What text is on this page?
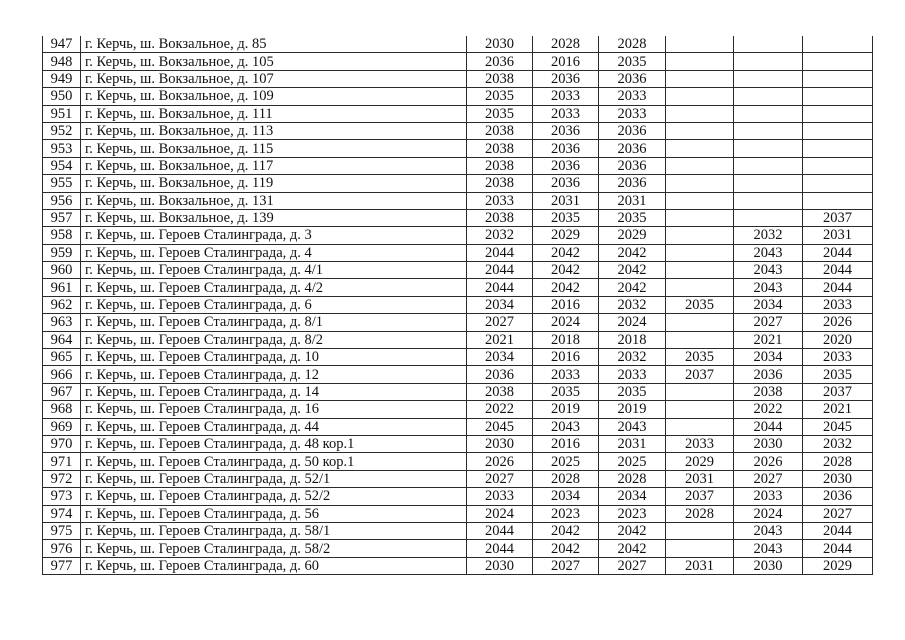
947	г. Керчь, ш. Вокзальное, д. 85	2030	2028	2028			
948	г. Керчь, ш. Вокзальное, д. 105	2036	2016	2035			
949	г. Керчь, ш. Вокзальное, д. 107	2038	2036	2036			
950	г. Керчь, ш. Вокзальное, д. 109	2035	2033	2033			
951	г. Керчь, ш. Вокзальное, д. 111	2035	2033	2033			
952	г. Керчь, ш. Вокзальное, д. 113	2038	2036	2036			
953	г. Керчь, ш. Вокзальное, д. 115	2038	2036	2036			
954	г. Керчь, ш. Вокзальное, д. 117	2038	2036	2036			
955	г. Керчь, ш. Вокзальное, д. 119	2038	2036	2036			
956	г. Керчь, ш. Вокзальное, д. 131	2033	2031	2031			
957	г. Керчь, ш. Вокзальное, д. 139	2038	2035	2035			2037
958	г. Керчь, ш. Героев Сталинграда, д. 3	2032	2029	2029		2032	2031
959	г. Керчь, ш. Героев Сталинграда, д. 4	2044	2042	2042		2043	2044
960	г. Керчь, ш. Героев Сталинграда, д. 4/1	2044	2042	2042		2043	2044
961	г. Керчь, ш. Героев Сталинграда, д. 4/2	2044	2042	2042		2043	2044
962	г. Керчь, ш. Героев Сталинграда, д. 6	2034	2016	2032	2035	2034	2033
963	г. Керчь, ш. Героев Сталинграда, д. 8/1	2027	2024	2024		2027	2026
964	г. Керчь, ш. Героев Сталинграда, д. 8/2	2021	2018	2018		2021	2020
965	г. Керчь, ш. Героев Сталинграда, д. 10	2034	2016	2032	2035	2034	2033
966	г. Керчь, ш. Героев Сталинграда, д. 12	2036	2033	2033	2037	2036	2035
967	г. Керчь, ш. Героев Сталинграда, д. 14	2038	2035	2035		2038	2037
968	г. Керчь, ш. Героев Сталинграда, д. 16	2022	2019	2019		2022	2021
969	г. Керчь, ш. Героев Сталинграда, д. 44	2045	2043	2043		2044	2045
970	г. Керчь, ш. Героев Сталинграда, д. 48 кор.1	2030	2016	2031	2033	2030	2032
971	г. Керчь, ш. Героев Сталинграда, д. 50 кор.1	2026	2025	2025	2029	2026	2028
972	г. Керчь, ш. Героев Сталинграда, д. 52/1	2027	2028	2028	2031	2027	2030
973	г. Керчь, ш. Героев Сталинграда, д. 52/2	2033	2034	2034	2037	2033	2036
974	г. Керчь, ш. Героев Сталинграда, д. 56	2024	2023	2023	2028	2024	2027
975	г. Керчь, ш. Героев Сталинграда, д. 58/1	2044	2042	2042		2043	2044
976	г. Керчь, ш. Героев Сталинграда, д. 58/2	2044	2042	2042		2043	2044
977	г. Керчь, ш. Героев Сталинграда, д. 60	2030	2027	2027	2031	2030	2029
